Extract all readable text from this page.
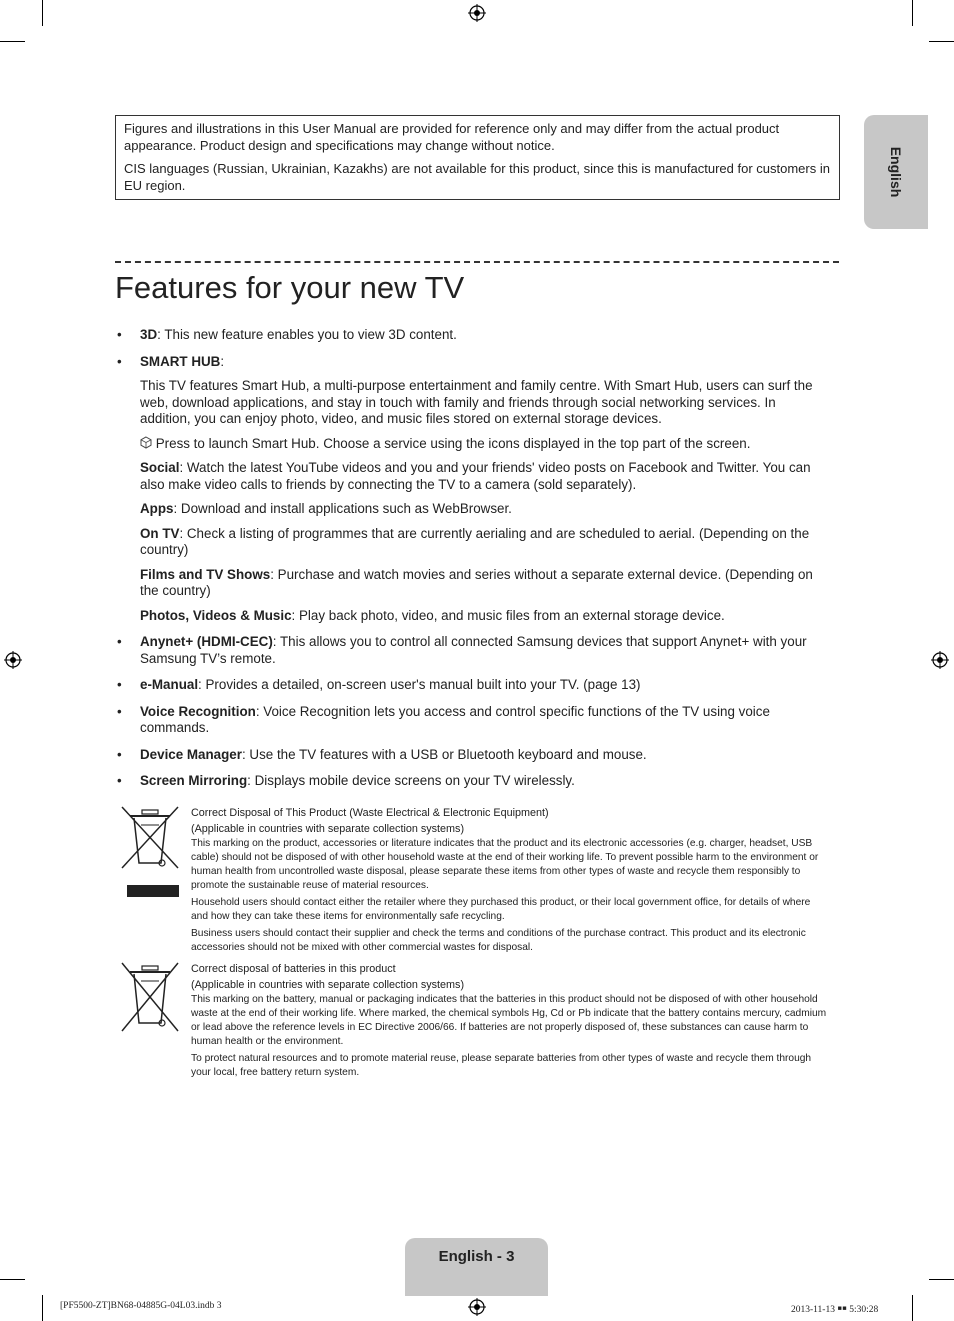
English

Figures and illustrations in this User Manual are provided for reference only and may differ from the actual product appearance. Product design and specifications may change without notice.

CIS languages (Russian, Ukrainian, Kazakhs) are not available for this product, since this is manufactured for customers in EU region.

Features for your new TV
• 3D: This new feature enables you to view 3D content.
• SMART HUB:

This TV features Smart Hub, a multi-purpose entertainment and family centre. With Smart Hub, users can surf the web, download applications, and stay in touch with family and friends through social networking services. In addition, you can enjoy photo, video, and music files stored on external storage devices.

Press to launch Smart Hub. Choose a service using the icons displayed in the top part of the screen.

Social: Watch the latest YouTube videos and you and your friends' video posts on Facebook and Twitter. You can also make video calls to friends by connecting the TV to a camera (sold separately).

Apps: Download and install applications such as WebBrowser.

On TV: Check a listing of programmes that are currently aerialing and are scheduled to aerial. (Depending on the country)

Films and TV Shows: Purchase and watch movies and series without a separate external device. (Depending on the country)

Photos, Videos & Music: Play back photo, video, and music files from an external storage device.

• Anynet+ (HDMI-CEC): This allows you to control all connected Samsung devices that support Anynet+ with your Samsung TV’s remote.
• e-Manual: Provides a detailed, on-screen user's manual built into your TV. (page 13)
• Voice Recognition: Voice Recognition lets you access and control specific functions of the TV using voice commands.
• Device Manager: Use the TV features with a USB or Bluetooth keyboard and mouse.
• Screen Mirroring: Displays mobile device screens on your TV wirelessly.
Correct Disposal of This Product (Waste Electrical & Electronic Equipment)
(Applicable in countries with separate collection systems)

This marking on the product, accessories or literature indicates that the product and its electronic accessories (e.g. charger, headset, USB cable) should not be disposed of with other household waste at the end of their working life. To prevent possible harm to the environment or human health from uncontrolled waste disposal, please separate these items from other types of waste and recycle them responsibly to promote the sustainable reuse of material resources.

Household users should contact either the retailer where they purchased this product, or their local government office, for details of where and how they can take these items for environmentally safe recycling.

Business users should contact their supplier and check the terms and conditions of the purchase contract. This product and its electronic accessories should not be mixed with other commercial wastes for disposal.

Correct disposal of batteries in this product
(Applicable in countries with separate collection systems)

This marking on the battery, manual or packaging indicates that the batteries in this product should not be disposed of with other household waste at the end of their working life. Where marked, the chemical symbols Hg, Cd or Pb indicate that the battery contains mercury, cadmium or lead above the reference levels in EC Directive 2006/66. If batteries are not properly disposed of, these substances can cause harm to human health or the environment.

To protect natural resources and to promote material reuse, please separate batteries from other types of waste and recycle them through your local, free battery return system.

English - 3
[PF5500-ZT]BN68-04885G-04L03.indb 3	2013-11-13 ￭￭ 5:30:28
